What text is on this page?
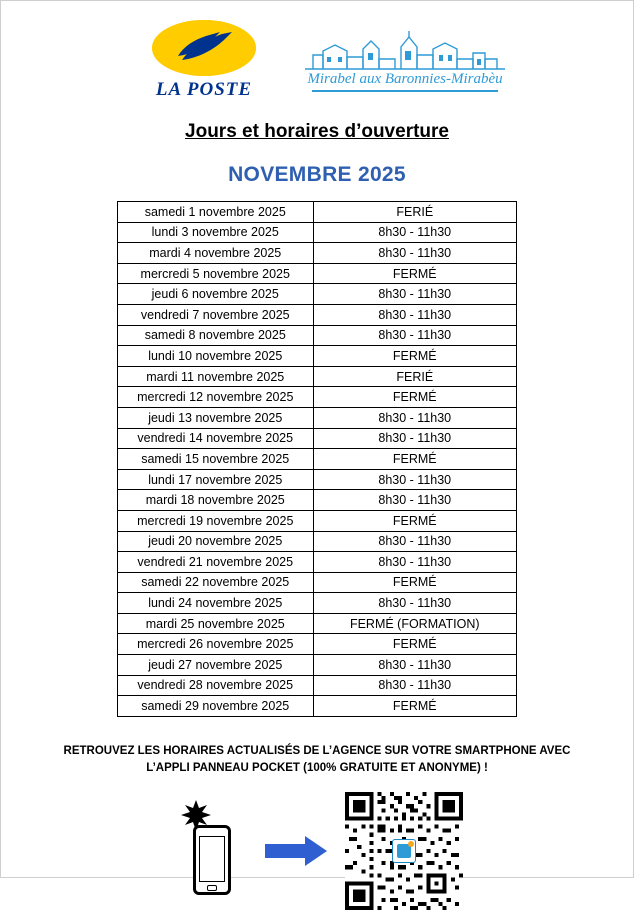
LA POSTE	Mirabel aux Baronnies-Mirabèu
Jours et horaires d’ouverture
NOVEMBRE 2025
samedi 1 novembre 2025	FERIÉ
lundi 3 novembre 2025	8h30 - 11h30
mardi 4 novembre 2025	8h30 - 11h30
mercredi 5 novembre 2025	FERMÉ
jeudi 6 novembre 2025	8h30 - 11h30
vendredi 7 novembre 2025	8h30 - 11h30
samedi 8 novembre 2025	8h30 - 11h30
lundi 10 novembre 2025	FERMÉ
mardi 11 novembre 2025	FERIÉ
mercredi 12 novembre 2025	FERMÉ
jeudi 13 novembre 2025	8h30 - 11h30
vendredi 14 novembre 2025	8h30 - 11h30
samedi 15 novembre 2025	FERMÉ
lundi 17 novembre 2025	8h30 - 11h30
mardi 18 novembre 2025	8h30 - 11h30
mercredi 19 novembre 2025	FERMÉ
jeudi 20 novembre 2025	8h30 - 11h30
vendredi 21 novembre 2025	8h30 - 11h30
samedi 22 novembre 2025	FERMÉ
lundi 24 novembre 2025	8h30 - 11h30
mardi 25 novembre 2025	FERMÉ (FORMATION)
mercredi 26 novembre 2025	FERMÉ
jeudi 27 novembre 2025	8h30 - 11h30
vendredi 28 novembre 2025	8h30 - 11h30
samedi 29 novembre 2025	FERMÉ
RETROUVEZ LES HORAIRES ACTUALISÉS DE L’AGENCE SUR VOTRE SMARTPHONE AVEC
L’APPLI PANNEAU POCKET (100% GRATUITE ET ANONYME) !
